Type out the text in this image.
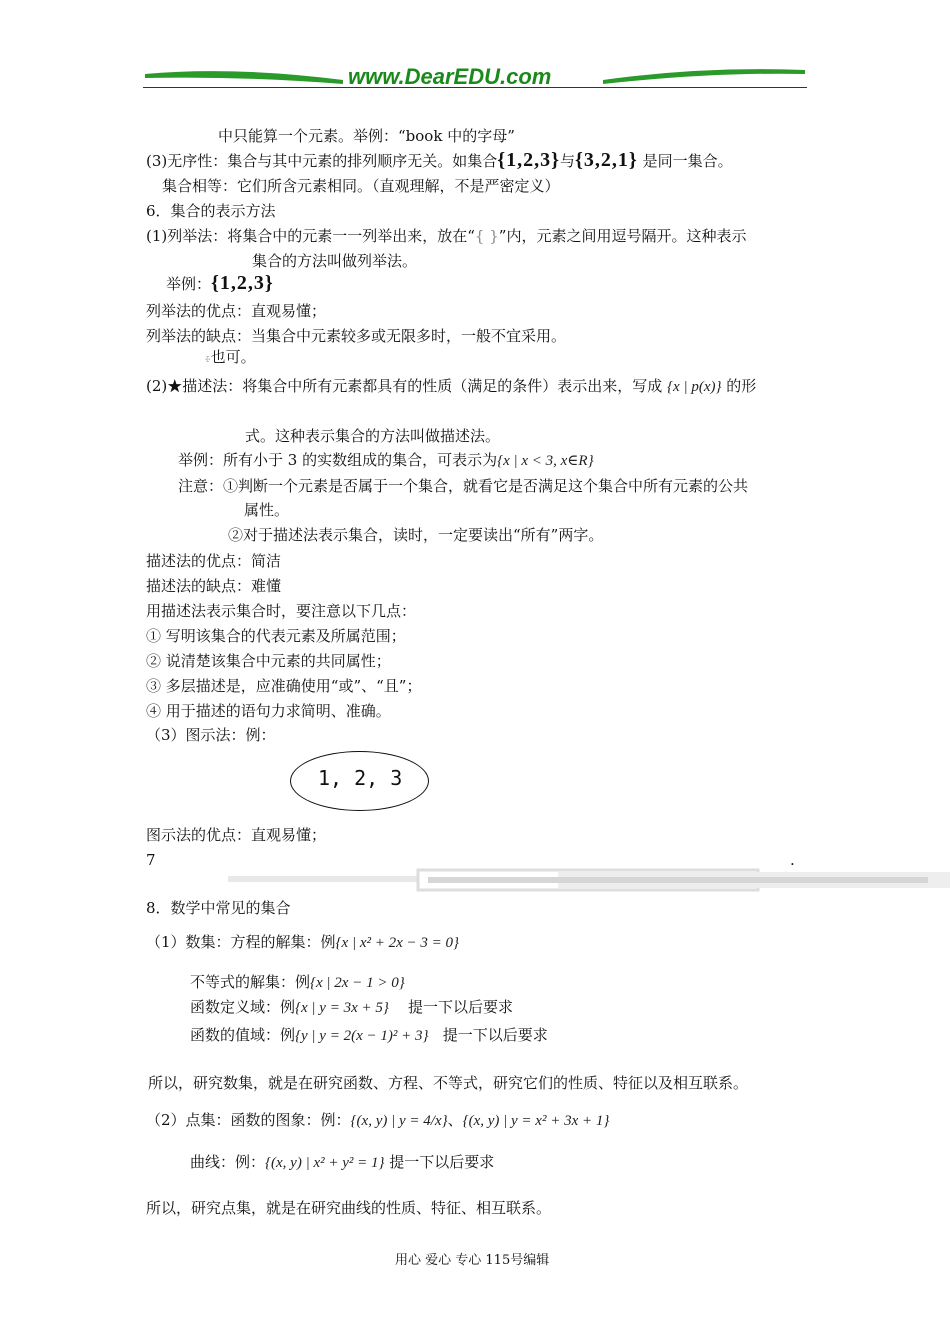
www.DearEDU.com
中只能算一个元素。举例：“book 中的字母”
(3)无序性：集合与其中元素的排列顺序无关。如集合{1,2,3}与{3,2,1} 是同一集合。
集合相等：它们所含元素相同。（直观理解，不是严密定义）
6．集合的表示方法
(1)列举法：将集合中的元素一一列举出来，放在“{ }”内，元素之间用逗号隔开。这种表示
集合的方法叫做列举法。
举例：{1,2,3}
列举法的优点：直观易懂；
列举法的缺点：当集合中元素较多或无限多时，一般不宜采用。
ꔀ也可。
(2)★描述法：将集合中所有元素都具有的性质（满足的条件）表示出来，写成 {x | p(x)} 的形
式。这种表示集合的方法叫做描述法。
举例：所有小于 3 的实数组成的集合，可表示为{x | x < 3, x∈R}
注意：①判断一个元素是否属于一个集合，就看它是否满足这个集合中所有元素的公共
属性。
②对于描述法表示集合，读时，一定要读出“所有”两字。
描述法的优点：简洁
描述法的缺点：难懂
用描述法表示集合时，要注意以下几点：
① 写明该集合的代表元素及所属范围；
② 说清楚该集合中元素的共同属性；
③ 多层描述是，应准确使用“或”、“且”；
④ 用于描述的语句力求简明、准确。
（3）图示法：例：
1, 2, 3
图示法的优点：直观易懂；
7	.
8．数学中常见的集合
（1）数集：方程的解集：例{x | x² + 2x − 3 = 0}
不等式的解集：例{x | 2x − 1 > 0}
函数定义域：例{x | y = 3x + 5} 提一下以后要求
函数的值域：例{y | y = 2(x − 1)² + 3} 提一下以后要求
所以，研究数集，就是在研究函数、方程、不等式，研究它们的性质、特征以及相互联系。
（2）点集：函数的图象：例：{(x, y) | y = 4/x}、{(x, y) | y = x² + 3x + 1}
曲线：例：{(x, y) | x² + y² = 1} 提一下以后要求
所以，研究点集，就是在研究曲线的性质、特征、相互联系。
用心 爱心 专心 115号编辑
